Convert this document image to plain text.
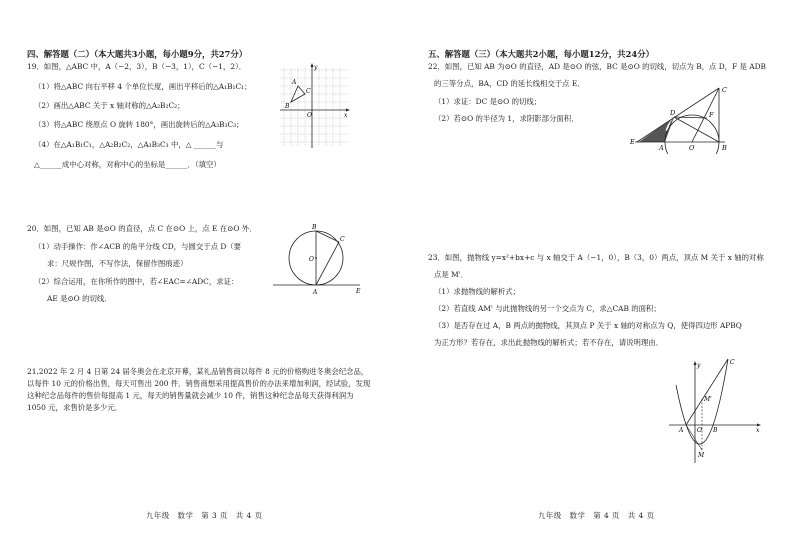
四、解答题（二）（本大题共3小题，每小题9分，共27分）
19．如图，△ABC 中，A（−2，3），B（−3，1），C（−1，2）．
（1）将△ABC 向右平移 4 个单位长度，画出平移后的△A₁B₁C₁；
（2）画出△ABC 关于 x 轴对称的△A₂B₂C₂；
（3）将△ABC 绕原点 O 旋转 180°，画出旋转后的△A₃B₃C₃；
（4）在△A₁B₁C₁，△A₂B₂C₂，△A₃B₃C₃ 中，△ ______与
△______成中心对称，对称中心的坐标是______．（填空）
y
x
O
A
B
C
20．如图，已知 AB 是⊙O 的直径，点 C 在⊙O 上，点 E 在⊙O 外．
（1）动手操作：作∠ACB 的角平分线 CD，与圆交于点 D（要
求：尺规作图，不写作法，保留作图痕迹）
（2）综合运用，在你所作的图中，若∠EAC=∠ADC，求证：
AE 是⊙O 的切线．
B
C
O
A	E
21.2022 年 2 月 4 日第 24 届冬奥会在北京开幕，某礼品销售商以每件 8 元的价格购进冬奥会纪念品，以每件 10 元的价格出售，每天可售出 200 件．销售商想采用提高售价的办法来增加利润，经试验，发现这种纪念品每件的售价每提高 1 元，每天的销售量就会减少 10 件，销售这种纪念品每天获得利润为 1050 元，求售价是多少元．
九年级　数学　第 3 页　共 4 页
五、解答题（三）（本大题共2小题，每小题12分，共24分）
22．如图，已知 AB 为⊙O 的直径，AD 是⊙O 的弦，BC 是⊙O 的切线，切点为 B，点 D，F 是 ADB
的三等分点，BA，CD 的延长线相交于点 E．
（1）求证：DC 是⊙O 的切线；
（2）若⊙O 的半径为 1，求阴影部分面积．
C
D	F
E
A	O	B
23．如图，抛物线 y=x²+bx+c 与 x 轴交于 A（−1，0），B（3，0）两点，顶点 M 关于 x 轴的对称
点是 M'．
（1）求抛物线的解析式；
（2）若直线 AM' 与此抛物线的另一个交点为 C，求△CAB 的面积；
（3）是否存在过 A，B 两点的抛物线，其顶点 P 关于 x 轴的对称点为 Q，使得四边形 APBQ
为正方形？若存在，求出此抛物线的解析式；若不存在，请说明理由．
C
y
M'
A O B	x
M
九年级　数学　第 4 页　共 4 页
